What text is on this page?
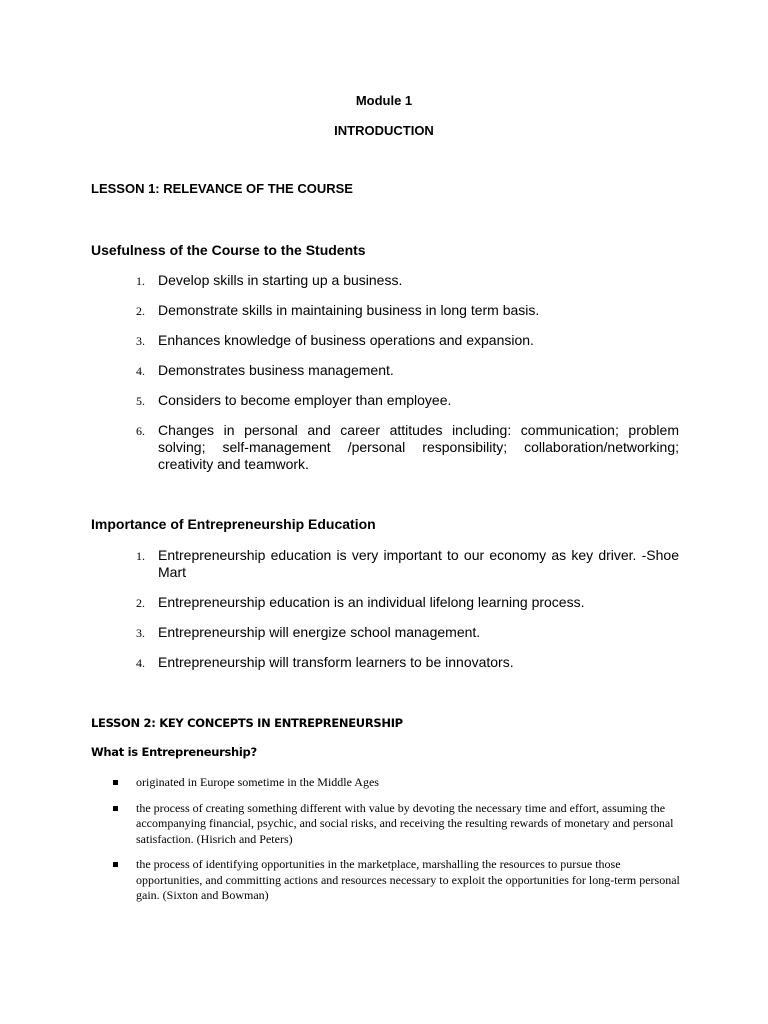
Module 1
INTRODUCTION
LESSON 1: RELEVANCE OF THE COURSE
Usefulness of the Course to the Students
1. Develop skills in starting up a business.
2. Demonstrate skills in maintaining business in long term basis.
3. Enhances knowledge of business operations and expansion.
4. Demonstrates business management.
5. Considers to become employer than employee.
6. Changes in personal and career attitudes including: communication; problem solving; self-management /personal responsibility; collaboration/networking; creativity and teamwork.
Importance of Entrepreneurship Education
1. Entrepreneurship education is very important to our economy as key driver. -Shoe Mart
2. Entrepreneurship education is an individual lifelong learning process.
3. Entrepreneurship will energize school management.
4. Entrepreneurship will transform learners to be innovators.
LESSON 2: KEY CONCEPTS IN ENTREPRENEURSHIP
What is Entrepreneurship?
originated in Europe sometime in the Middle Ages
the process of creating something different with value by devoting the necessary time and effort, assuming the accompanying financial, psychic, and social risks, and receiving the resulting rewards of monetary and personal satisfaction. (Hisrich and Peters)
the process of identifying opportunities in the marketplace, marshalling the resources to pursue those opportunities, and committing actions and resources necessary to exploit the opportunities for long-term personal gain. (Sixton and Bowman)
